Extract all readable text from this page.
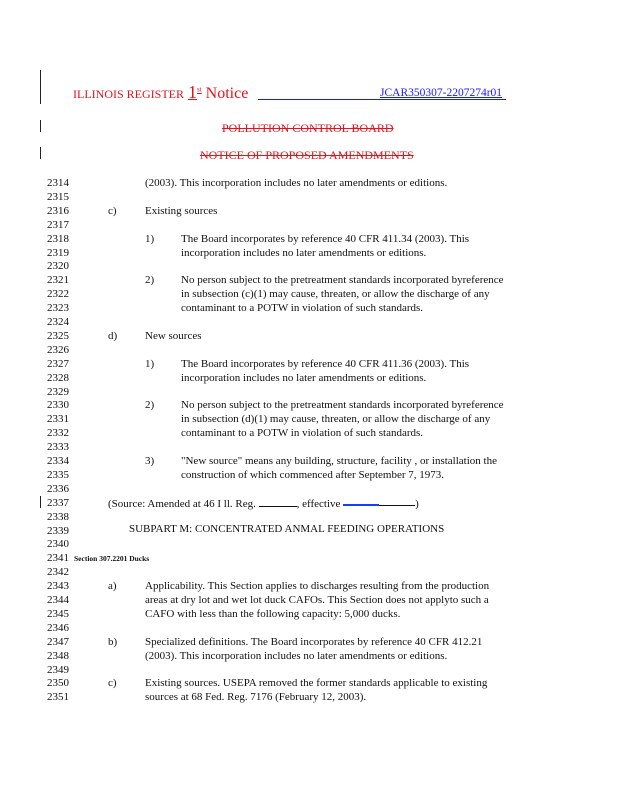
ILLINOIS REGISTER 1st Notice	JCAR350307-2207274r01
POLLUTION CONTROL BOARD
NOTICE OF PROPOSED AMENDMENTS
2314	(2003). This incorporation includes no later amendments or editions.
2315
2316	c)	Existing sources
2317
2318	1) The Board incorporates by reference 40 CFR 411.34 (2003). This
2319	incorporation includes no later amendments or editions.
2320
2321	2) No person subject to the pretreatment standards incorporated byreference
2322	in subsection (c)(1) may cause, threaten, or allow the discharge of any
2323	contaminant to a POTW in violation of such standards.
2324
2325	d)	New sources
2326
2327	1) The Board incorporates by reference 40 CFR 411.36 (2003). This
2328	incorporation includes no later amendments or editions.
2329
2330	2) No person subject to the pretreatment standards incorporated byreference
2331	in subsection (d)(1) may cause, threaten, or allow the discharge of any
2332	contaminant to a POTW in violation of such standards.
2333
2334	3) "New source" means any building, structure, facility , or installation the
2335	construction of which commenced after September 7, 1973.
2336
2337
2338
2339
2340
2341
2342
2343	a)	Applicability. This Section applies to discharges resulting from the production
2344	areas at dry lot and wet lot duck CAFOs. This Section does not applyto such a
2345	CAFO with less than the following capacity: 5,000 ducks.
2346
2347	b)	Specialized definitions. The Board incorporates by reference 40 CFR 412.21
2348	(2003). This incorporation includes no later amendments or editions.
2349
2350	c)	Existing sources. USEPA removed the former standards applicable to existing
2351	sources at 68 Fed. Reg. 7176 (February 12, 2003).
(Source: Amended at 46 I ll. Reg.	, effective	)
SUBPART M: CONCENTRATED ANMAL FEEDING OPERATIONS
Section 307.2201 Ducks
